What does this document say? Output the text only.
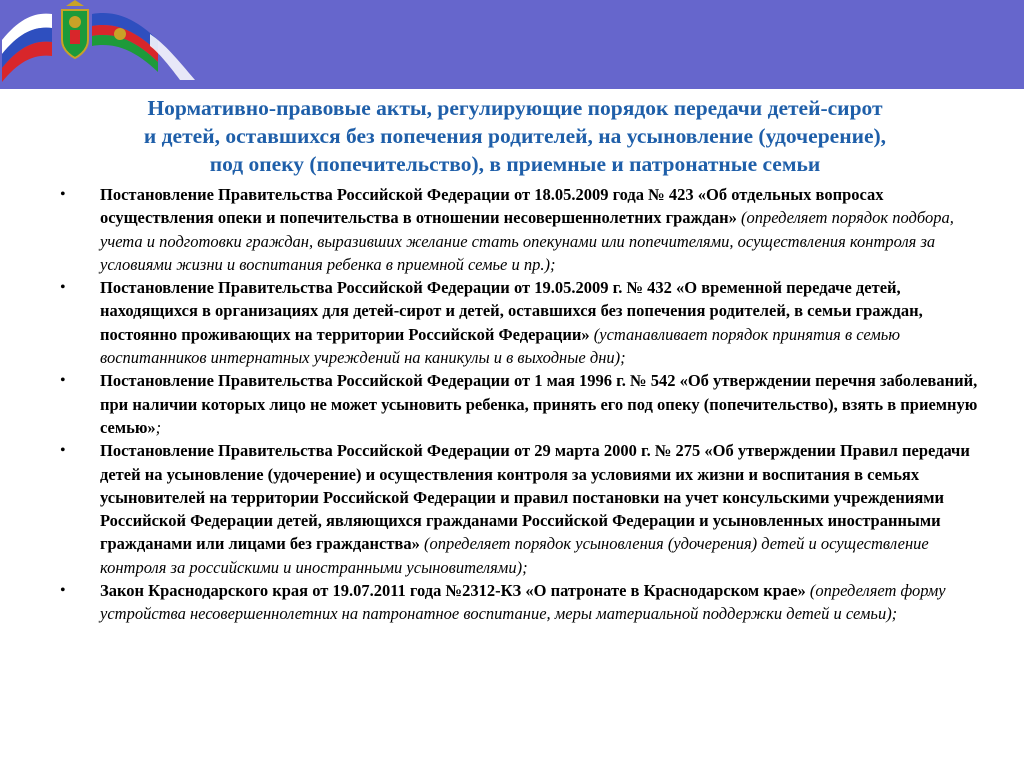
Нормативно-правовые акты, регулирующие порядок передачи детей-сирот
и детей, оставшихся без попечения родителей, на усыновление (удочерение),
под опеку (попечительство), в приемные и патронатные семьи

•	Постановление Правительства Российской Федерации от 18.05.2009 года № 423 «Об отдельных вопросах осуществления опеки и попечительства в отношении несовершеннолетних граждан» (определяет порядок подбора, учета и подготовки граждан, выразивших желание стать опекунами или попечителями, осуществления контроля за условиями жизни и воспитания ребенка в приемной семье и пр.);

•	Постановление Правительства Российской Федерации от 19.05.2009 г. № 432 «О временной передаче детей, находящихся в организациях для детей-сирот и детей, оставшихся без попечения родителей, в семьи граждан, постоянно проживающих на территории Российской Федерации» (устанавливает порядок принятия в семью воспитанников интернатных учреждений на каникулы и в выходные дни);

•	Постановление Правительства Российской Федерации от 1 мая 1996 г. № 542 «Об утверждении перечня заболеваний, при наличии которых лицо не может усыновить ребенка, принять его под опеку (попечительство), взять в приемную семью»;

•	Постановление Правительства Российской Федерации от 29 марта 2000 г. № 275 «Об утверждении Правил передачи детей на усыновление (удочерение) и осуществления контроля за условиями их жизни и воспитания в семьях усыновителей на территории Российской Федерации и правил постановки на учет консульскими учреждениями Российской Федерации детей, являющихся гражданами Российской Федерации и усыновленных иностранными гражданами или лицами без гражданства» (определяет порядок усыновления (удочерения) детей и осуществление контроля за российскими и иностранными усыновителями);

•	Закон Краснодарского края от 19.07.2011 года №2312-КЗ «О патронате в Краснодарском крае» (определяет форму устройства несовершеннолетних на патронатное воспитание, меры материальной поддержки детей и семьи);
